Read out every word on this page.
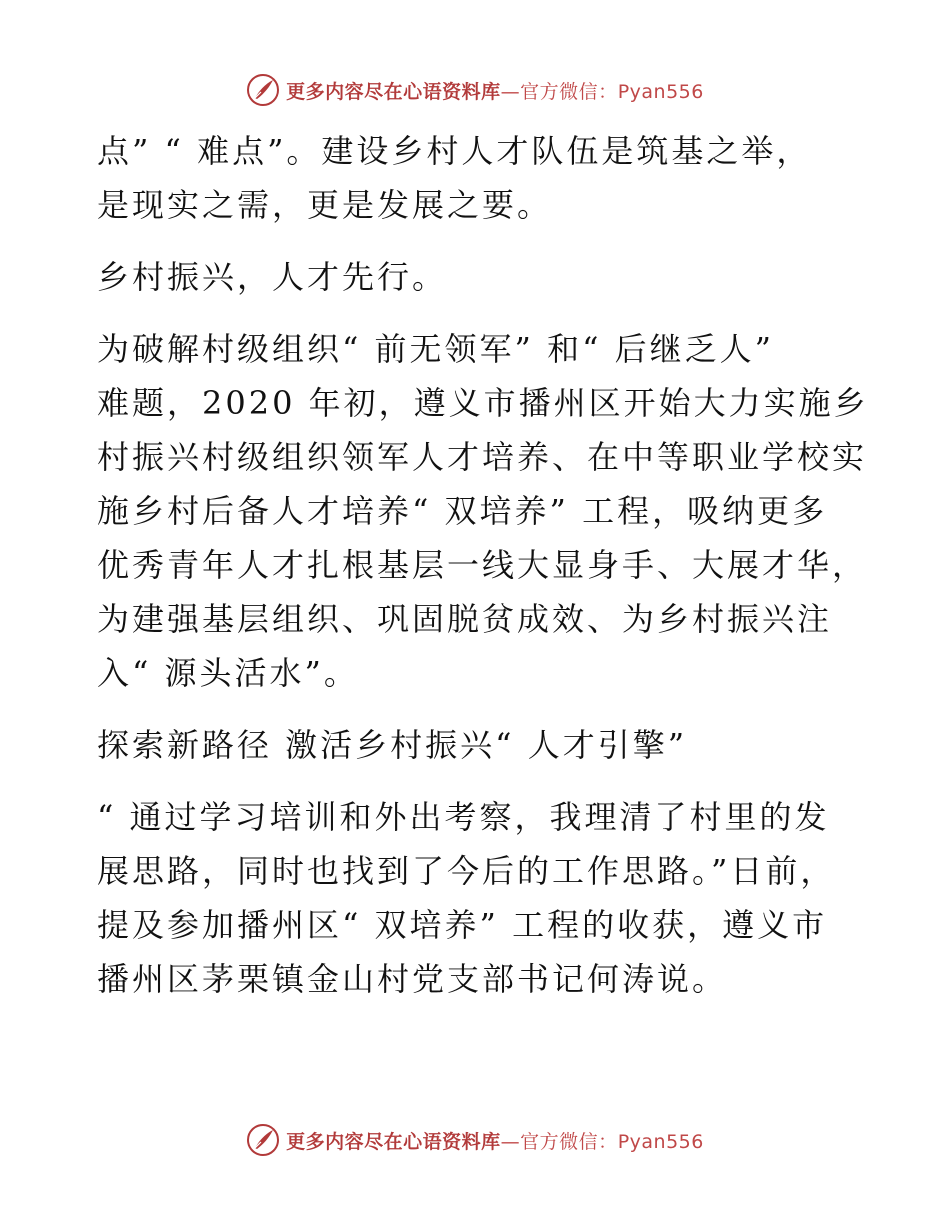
更多内容尽在心语资料库—官方微信：Pyan556

点” “ 难点”。建设乡村人才队伍是筑基之举，

是现实之需，更是发展之要。

乡村振兴，人才先行。

为破解村级组织“ 前无领军” 和“ 后继乏人”

难题，2020 年初，遵义市播州区开始大力实施乡

村振兴村级组织领军人才培养、在中等职业学校实

施乡村后备人才培养“ 双培养” 工程，吸纳更多

优秀青年人才扎根基层一线大显身手、大展才华，

为建强基层组织、巩固脱贫成效、为乡村振兴注

入“ 源头活水”。

探索新路径 激活乡村振兴“ 人才引擎”

“ 通过学习培训和外出考察，我理清了村里的发

展思路，同时也找到了今后的工作思路。”日前，

提及参加播州区“ 双培养” 工程的收获，遵义市

播州区茅栗镇金山村党支部书记何涛说。

更多内容尽在心语资料库—官方微信：Pyan556
